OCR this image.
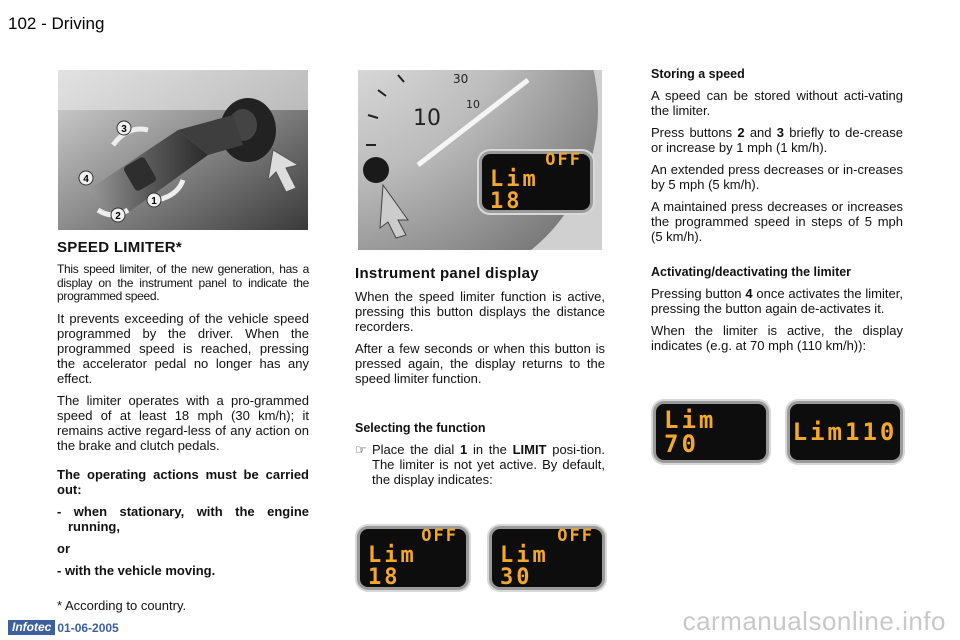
102 - Driving
3
4
2
1
10
30
10
OFF
Lim 18
SPEED LIMITER*

This speed limiter, of the new generation, has a display on the instrument panel to indicate the programmed speed.

It prevents exceeding of the vehicle speed programmed by the driver. When the programmed speed is reached, pressing the accelerator pedal no longer has any effect.

The limiter operates with a pro-grammed speed of at least 18 mph (30 km/h); it remains active regard-less of any action on the brake and clutch pedals.

The operating actions must be carried out:

- when stationary, with the engine running,

or

- with the vehicle moving.

Instrument panel display

When the speed limiter function is active, pressing this button displays the distance recorders.

After a few seconds or when this button is pressed again, the display returns to the speed limiter function.

Selecting the function

☞ Place the dial 1 in the LIMIT posi-tion. The limiter is not yet active. By default, the display indicates:

OFF
Lim 18
OFF
Lim 30
Storing a speed

A speed can be stored without acti-vating the limiter.

Press buttons 2 and 3 briefly to de-crease or increase by 1 mph (1 km/h).

An extended press decreases or in-creases by 5 mph (5 km/h).

A maintained press decreases or increases the programmed speed in steps of 5 mph (5 km/h).

Activating/deactivating the limiter

Pressing button 4 once activates the limiter, pressing the button again de-activates it.

When the limiter is active, the display indicates (e.g. at 70 mph (110 km/h)):

Lim 70	Lim110
* According to country.
Infotec 01-06-2005	carmanualsonline.info
